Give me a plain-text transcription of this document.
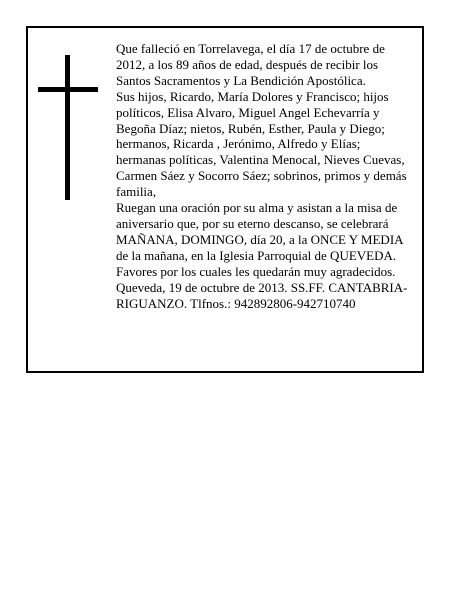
Que falleció en Torrelavega, el día 17 de octubre de
2012, a los 89 años de edad, después de recibir los
Santos Sacramentos y La Bendición Apostólica.
Sus hijos, Ricardo, María Dolores y Francisco; hijos
políticos, Elisa Alvaro, Miguel Angel Echevarría y
Begoña Díaz; nietos, Rubén, Esther, Paula y Diego;
hermanos, Ricarda , Jerónimo, Alfredo y Elías;
hermanas políticas, Valentina Menocal, Nieves Cuevas,
Carmen Sáez y Socorro Sáez; sobrinos, primos y demás
familia,
Ruegan una oración por su alma y asistan a la misa de
aniversario que, por su eterno descanso, se celebrará
MAÑANA, DOMINGO, día 20, a la ONCE Y MEDIA
de la mañana, en la Iglesia Parroquial de QUEVEDA.
Favores por los cuales les quedarán muy agradecidos.
Queveda, 19 de octubre de 2013. SS.FF. CANTABRIA-
RIGUANZO. Tlfnos.: 942892806-942710740
